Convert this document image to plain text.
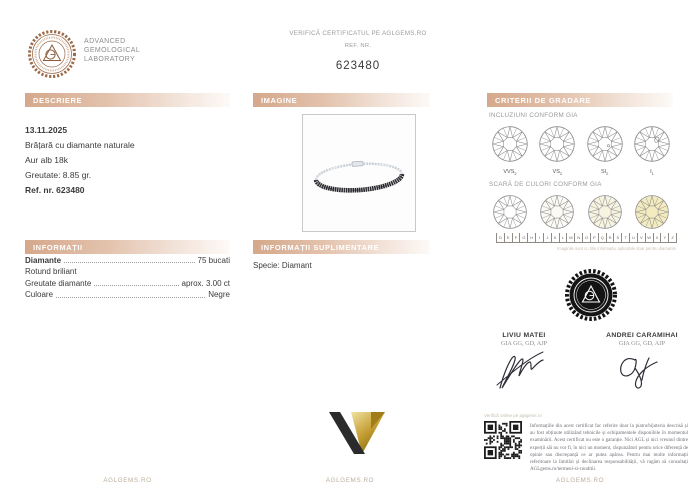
ADVANCED
GEMOLOGICAL
LABORATORY
VERIFICĂ CERTIFICATUL PE AGLGEMS.RO
REF. NR.
623480
DESCRIERE
13.11.2025
Brățară cu diamante naturale
Aur alb 18k
Greutate: 8.85 gr.
Ref. nr. 623480
INFORMAȚII
Diamante	75 bucati
Rotund briliant
Greutate diamante	aprox. 3.00 ct
Culoare	Negre
IMAGINE
INFORMAȚII SUPLIMENTARE
Specie: Diamant
CRITERII DE GRADARE
INCLUZIUNI CONFORM GIA
$VVS_2$	$VS_2$	$SI_2$	$I_1$
SCARĂ DE CULORI CONFORM GIA
D	E	F	G	H	I	J	K	L	M	N	O	P	Q	R	S	T	U	V	W	X	Y	Z
Imaginile sunt cu titlu informativ, aplicabile doar pentru diamante
LIVIU MATEI
GIA GG, GD, AJP
ANDREI CARAMIHAI
GIA GG, GD, AJP
Verifică online pe aglgems.ro
Informațiile din acest certificat fac referire doar la piatra/bijuteria descrisă și au fost obținute utilizând tehnicile și echipamentele disponibile în momentul examinării. Acest certificat nu este o garanție. Nici AGL și nici vreunul dintre experții săi nu vor fi, în nici un moment, răspunzători pentru orice diferență de opinie sau discrepanță ce ar putea apărea. Pentru mai multe informații referitoare la limitări și declinarea responsabilității, vă rugăm să consultați AGLgems.ro/termeni-si-conditii.
AGLGEMS.RO	AGLGEMS.RO	AGLGEMS.RO
